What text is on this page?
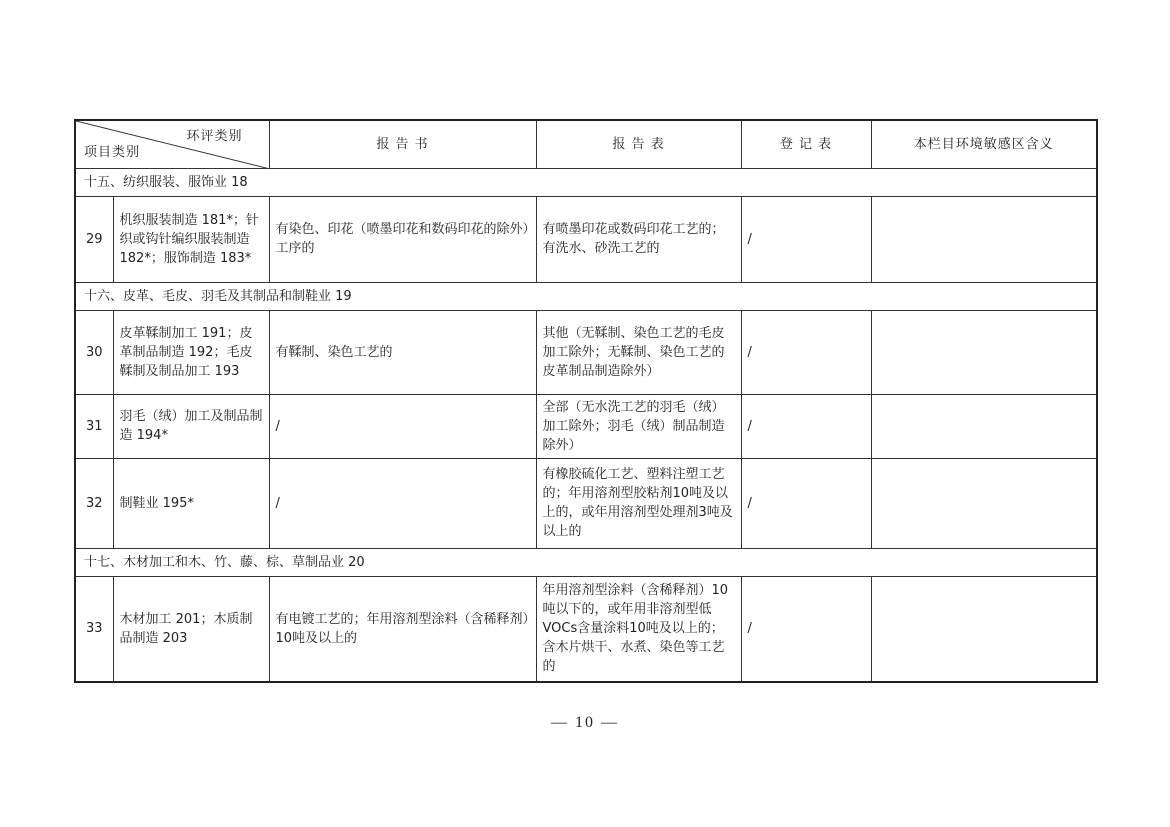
环评类别
项目类别		报 告 书	报 告 表	登 记 表	本栏目环境敏感区含义
十五、纺织服装、服饰业 18					
29	机织服装制造 181*；针织或钩针编织服装制造 182*；服饰制造 183*	有染色、印花（喷墨印花和数码印花的除外）工序的	有喷墨印花或数码印花工艺的；有洗水、砂洗工艺的	/	
十六、皮革、毛皮、羽毛及其制品和制鞋业 19					
30	皮革鞣制加工 191；皮革制品制造 192；毛皮鞣制及制品加工 193	有鞣制、染色工艺的	其他（无鞣制、染色工艺的毛皮加工除外；无鞣制、染色工艺的皮革制品制造除外）	/	
31	羽毛（绒）加工及制品制造 194*	/	全部（无水洗工艺的羽毛（绒）加工除外；羽毛（绒）制品制造除外）	/	
32	制鞋业 195*	/	有橡胶硫化工艺、塑料注塑工艺的；年用溶剂型胶粘剂10吨及以上的，或年用溶剂型处理剂3吨及以上的	/	
十七、木材加工和木、竹、藤、棕、草制品业 20					
33	木材加工 201；木质制品制造 203	有电镀工艺的；年用溶剂型涂料（含稀释剂）10吨及以上的	年用溶剂型涂料（含稀释剂）10吨以下的，或年用非溶剂型低VOCs含量涂料10吨及以上的；含木片烘干、水煮、染色等工艺的	/	
— 10 —
